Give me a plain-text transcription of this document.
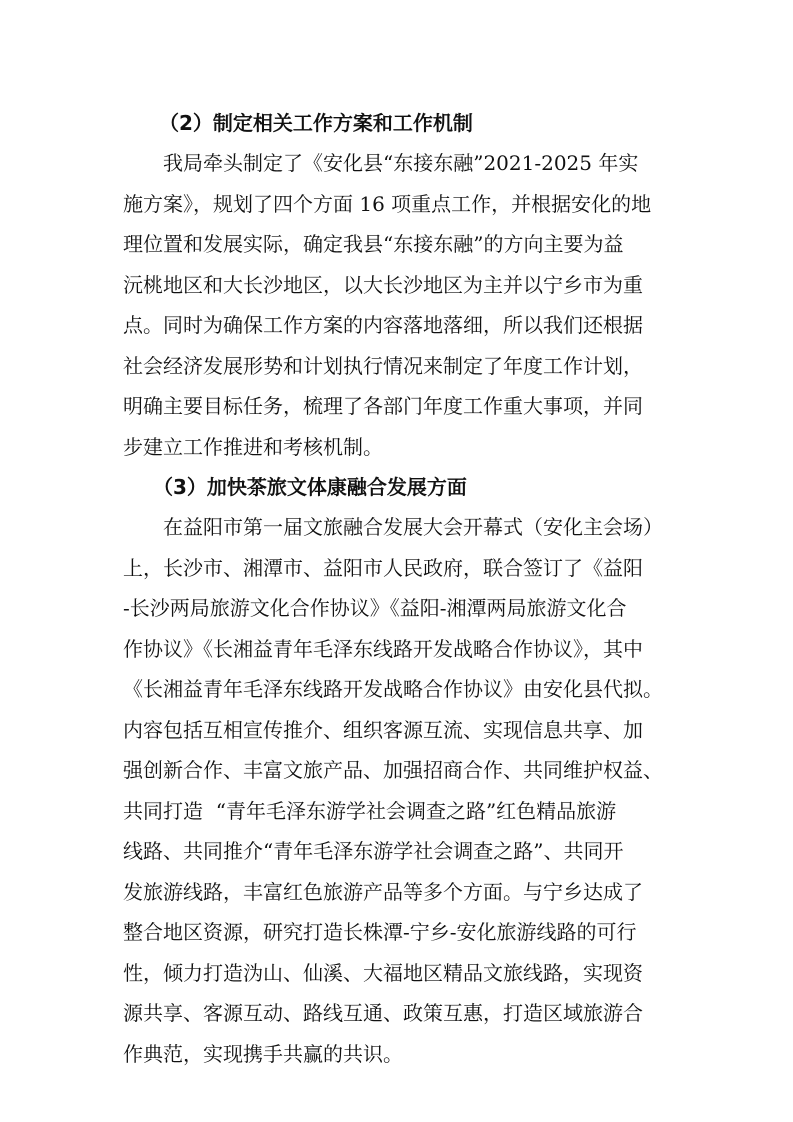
（2）制定相关工作方案和工作机制
我局牵头制定了《安化县“东接东融”2021-2025 年实
施方案》，规划了四个方面 16 项重点工作，并根据安化的地
理位置和发展实际，确定我县“东接东融”的方向主要为益
沅桃地区和大长沙地区，以大长沙地区为主并以宁乡市为重
点。同时为确保工作方案的内容落地落细，所以我们还根据
社会经济发展形势和计划执行情况来制定了年度工作计划，
明确主要目标任务，梳理了各部门年度工作重大事项，并同
步建立工作推进和考核机制。
（3）加快茶旅文体康融合发展方面
在益阳市第一届文旅融合发展大会开幕式（安化主会场）
上，长沙市、湘潭市、益阳市人民政府，联合签订了《益阳
-长沙两局旅游文化合作协议》《益阳-湘潭两局旅游文化合
作协议》《长湘益青年毛泽东线路开发战略合作协议》，其中
《长湘益青年毛泽东线路开发战略合作协议》由安化县代拟。
内容包括互相宣传推介、组织客源互流、实现信息共享、加
强创新合作、丰富文旅产品、加强招商合作、共同维护权益、
共同打造  “青年毛泽东游学社会调查之路”红色精品旅游
线路、共同推介“青年毛泽东游学社会调查之路”、共同开
发旅游线路，丰富红色旅游产品等多个方面。与宁乡达成了
整合地区资源，研究打造长株潭-宁乡-安化旅游线路的可行
性，倾力打造沩山、仙溪、大福地区精品文旅线路，实现资
源共享、客源互动、路线互通、政策互惠，打造区域旅游合
作典范，实现携手共赢的共识。
